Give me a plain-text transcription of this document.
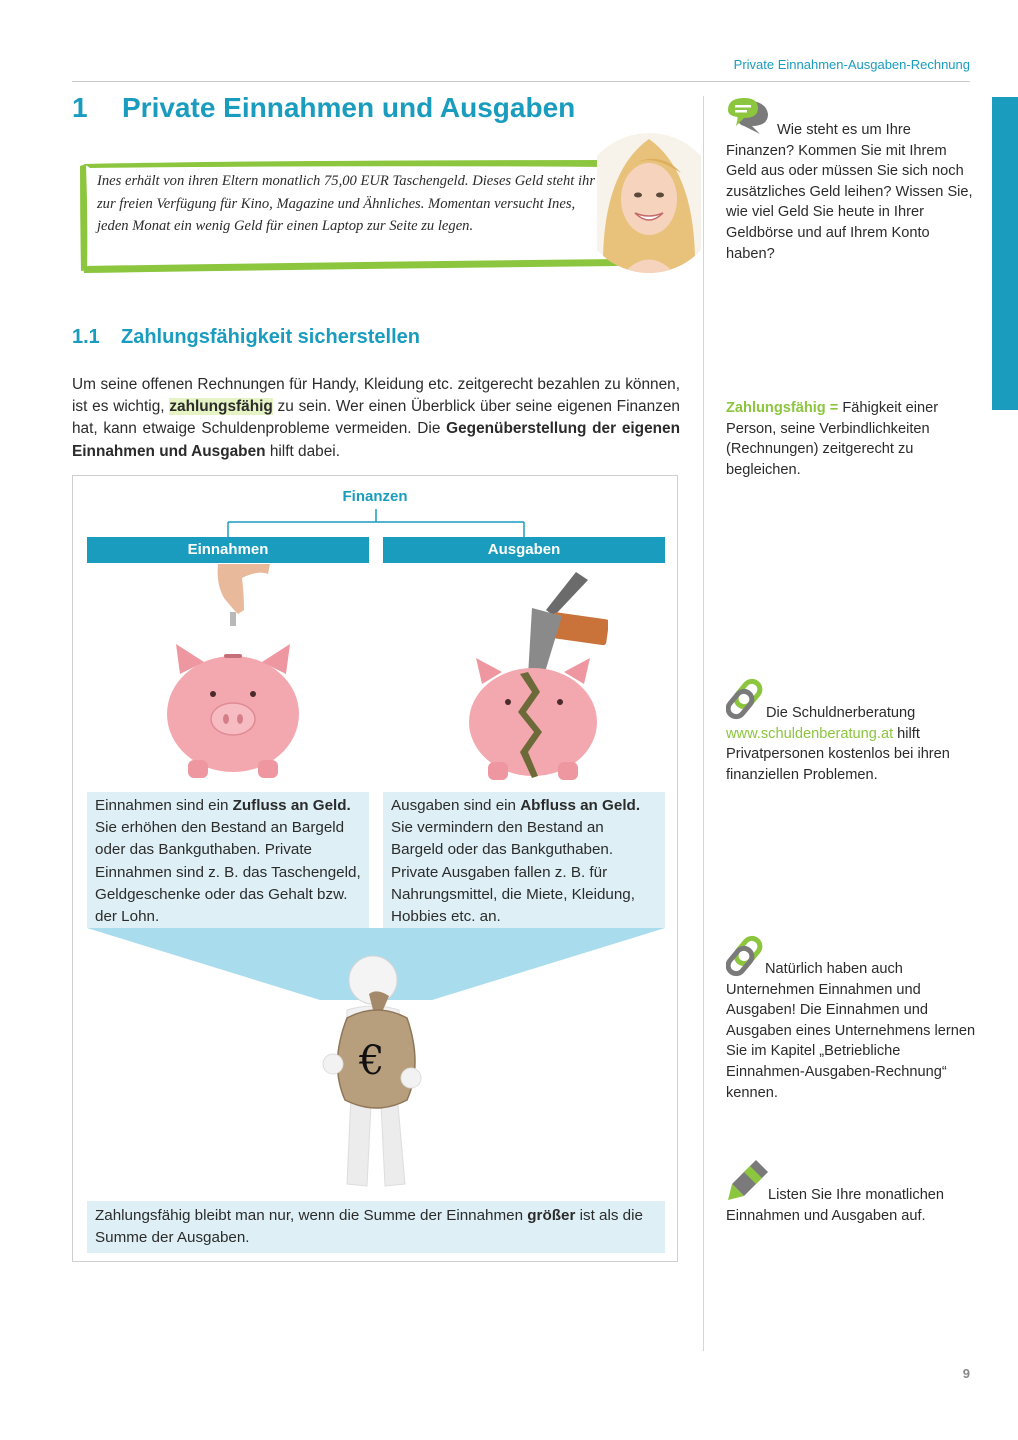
Private Einnahmen-Ausgaben-Rechnung
1 Private Einnahmen und Ausgaben

Ines erhält von ihren Eltern monatlich 75,00 EUR Taschengeld. Dieses Geld steht ihr zur freien Verfügung für Kino, Magazine und Ähnliches. Momentan versucht Ines, jeden Monat ein wenig Geld für einen Laptop zur Seite zu legen.

1.1 Zahlungsfähigkeit sicherstellen

Um seine offenen Rechnungen für Handy, Kleidung etc. zeitgerecht bezahlen zu können, ist es wichtig, zahlungsfähig zu sein. Wer einen Überblick über seine eigenen Finanzen hat, kann etwaige Schuldenprobleme vermeiden. Die Gegenüberstellung der eigenen Einnahmen und Ausgaben hilft dabei.

Finanzen
Einnahmen	Ausgaben
Einnahmen sind ein Zufluss an Geld. Sie erhöhen den Bestand an Bargeld oder das Bankguthaben. Private Einnahmen sind z. B. das Taschengeld, Geldgeschenke oder das Gehalt bzw. der Lohn.
Ausgaben sind ein Abfluss an Geld. Sie vermindern den Bestand an Bargeld oder das Bankguthaben. Private Ausgaben fallen z. B. für Nahrungsmittel, die Miete, Kleidung, Hobbies etc. an.
€
Zahlungsfähig bleibt man nur, wenn die Summe der Einnahmen größer ist als die Summe der Ausgaben.

Wie steht es um Ihre Finanzen? Kommen Sie mit Ihrem Geld aus oder müssen Sie sich noch zusätzliches Geld leihen? Wissen Sie, wie viel Geld Sie heute in Ihrer Geldbörse und auf Ihrem Konto haben?

Zahlungsfähig = Fähigkeit einer Person, seine Verbindlichkeiten (Rechnungen) zeitgerecht zu begleichen.

Die Schuldnerberatung www.schuldenberatung.at hilft Privatpersonen kostenlos bei ihren finanziellen Problemen.

Natürlich haben auch Unternehmen Einnahmen und Ausgaben! Die Einnahmen und Ausgaben eines Unternehmens lernen Sie im Kapitel „Betriebliche Einnahmen-Ausgaben-Rechnung“ kennen.

Listen Sie Ihre monatlichen Einnahmen und Ausgaben auf.

9
